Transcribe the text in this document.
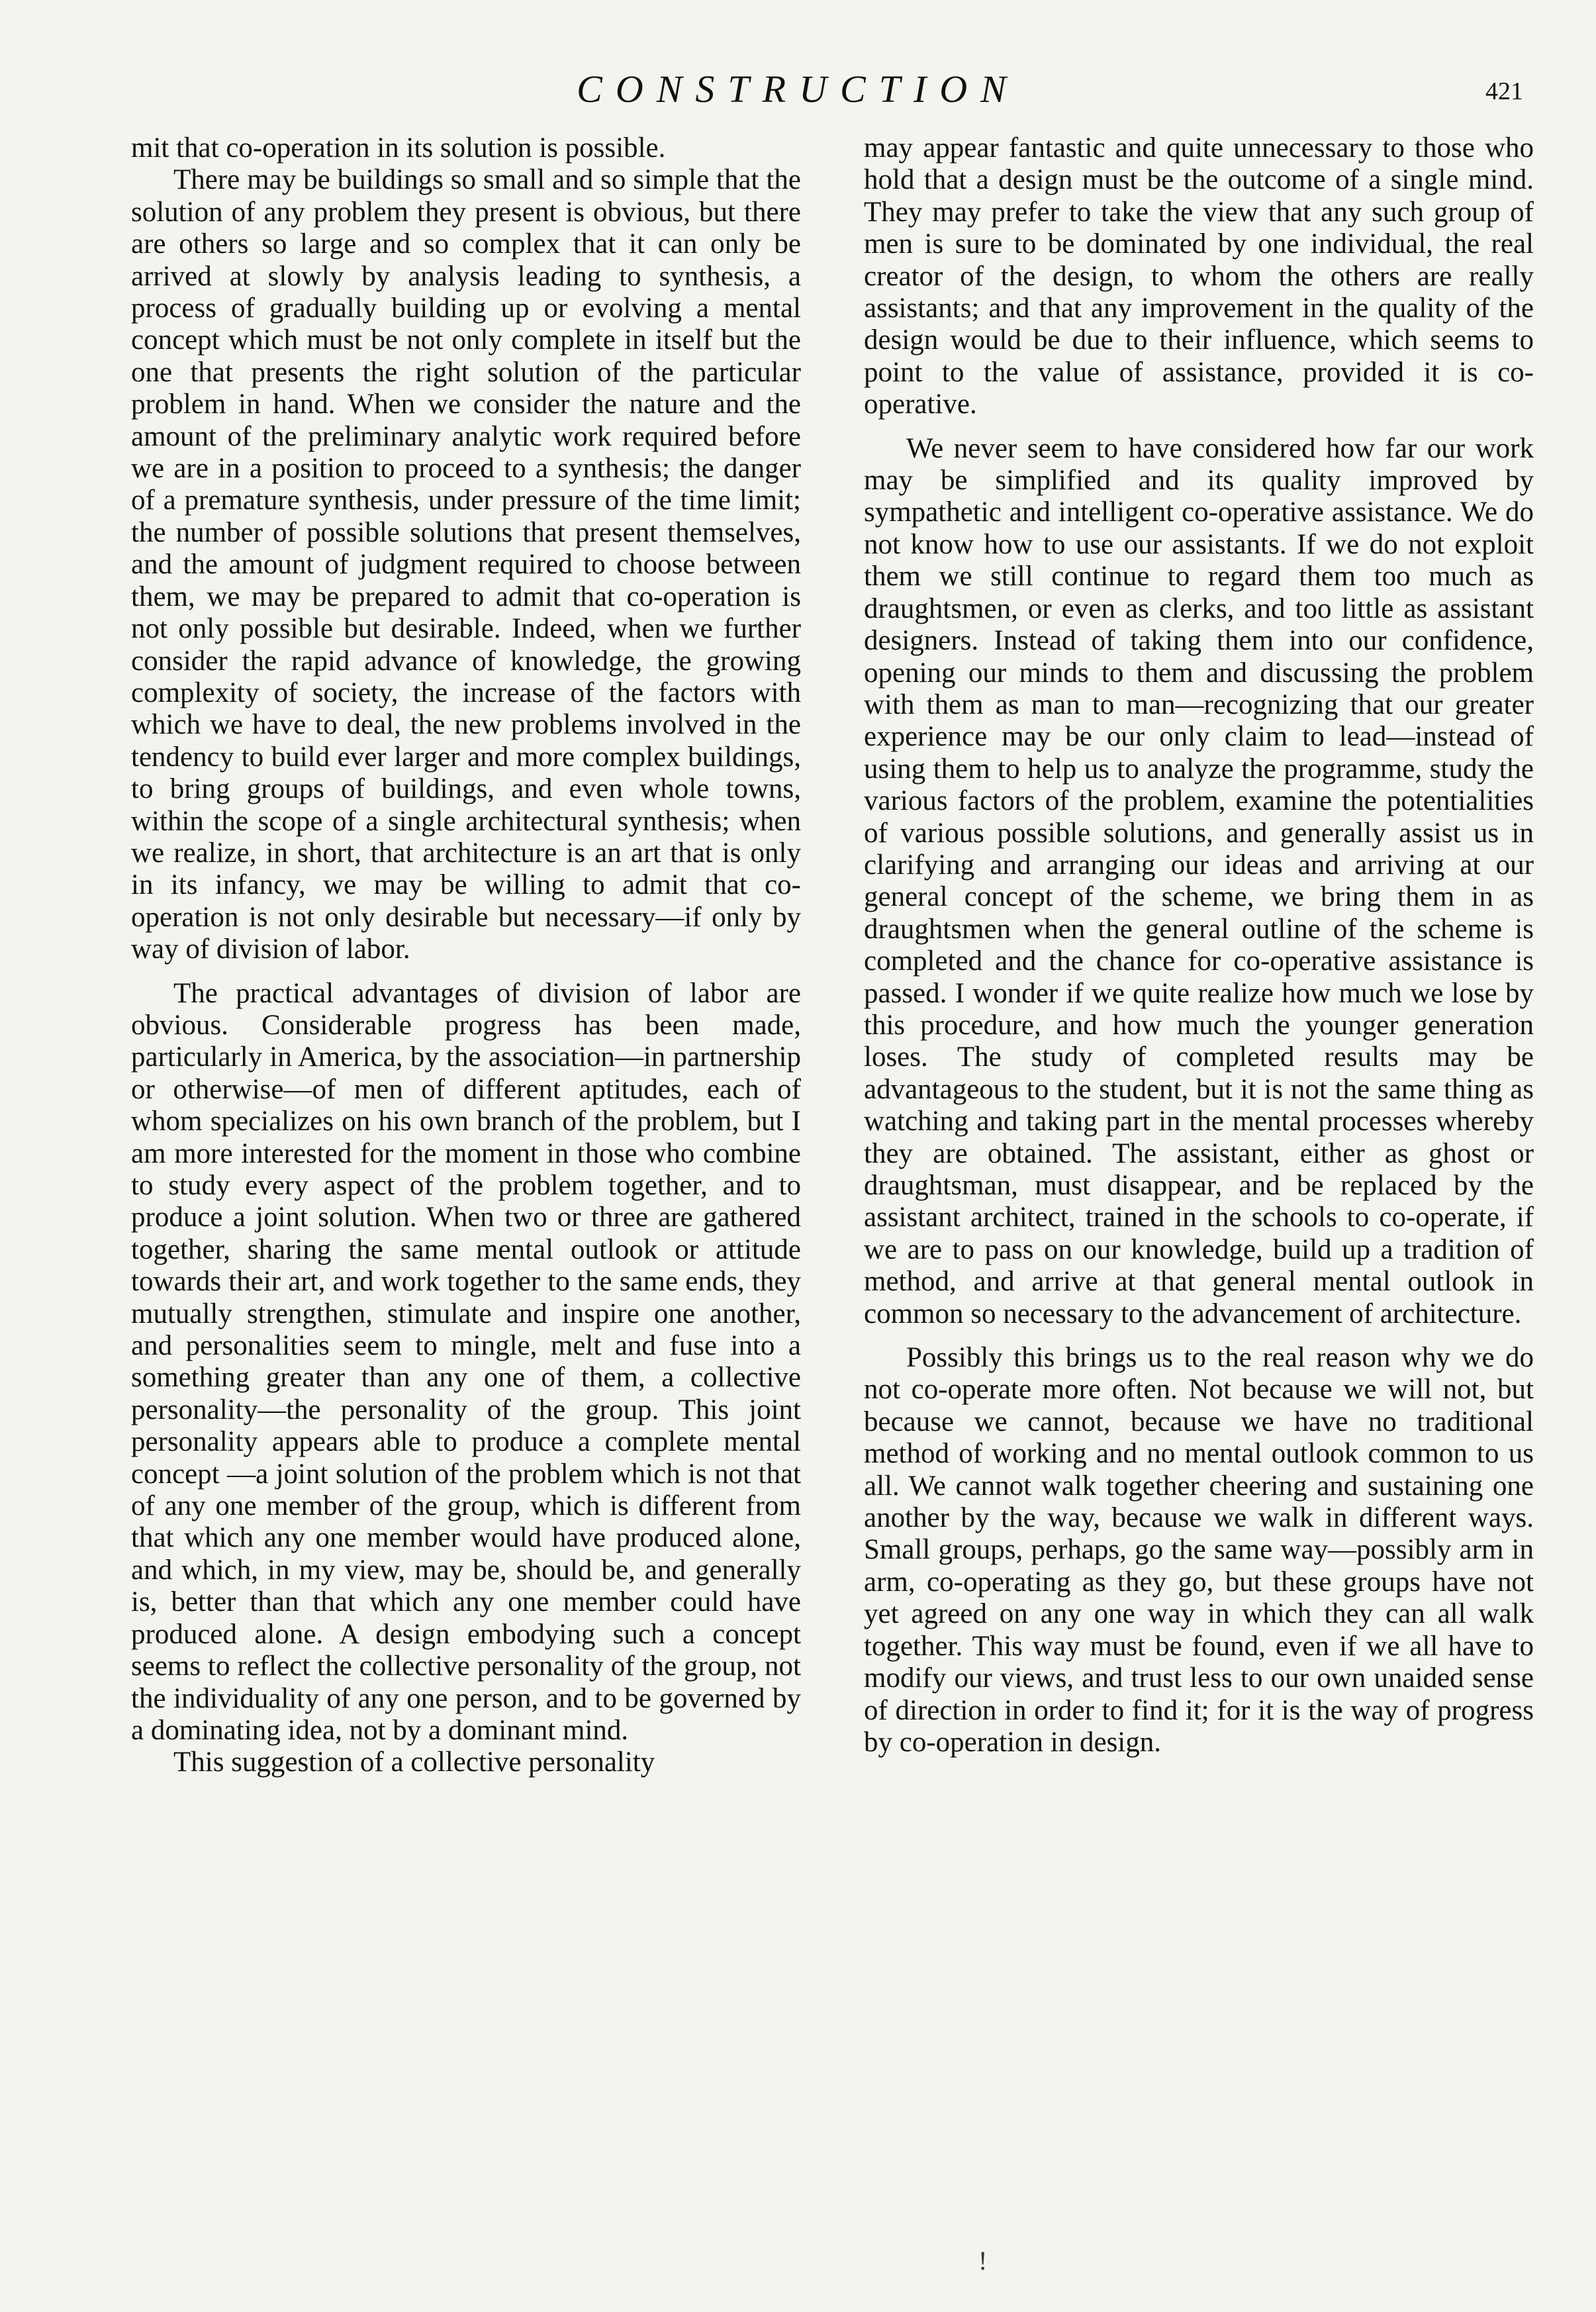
CONSTRUCTION	421

mit that co-operation in its solution is possible.

There may be buildings so small and so simple that the solution of any problem they present is obvious, but there are others so large and so complex that it can only be arrived at slowly by analysis leading to synthesis, a process of gradually building up or evolving a mental concept which must be not only complete in itself but the one that presents the right solution of the particular problem in hand. When we consider the nature and the amount of the preliminary analytic work required before we are in a position to proceed to a synthesis; the danger of a premature synthesis, under pressure of the time limit; the number of possible solutions that present themselves, and the amount of judgment required to choose between them, we may be prepared to admit that co-operation is not only possible but desirable. Indeed, when we further consider the rapid advance of knowledge, the growing complexity of society, the increase of the factors with which we have to deal, the new problems involved in the tendency to build ever larger and more complex buildings, to bring groups of buildings, and even whole towns, within the scope of a single architectural synthesis; when we realize, in short, that architecture is an art that is only in its infancy, we may be willing to admit that co-operation is not only desirable but necessary—if only by way of division of labor.

The practical advantages of division of labor are obvious. Considerable progress has been made, particularly in America, by the association—in partnership or otherwise—of men of different aptitudes, each of whom specializes on his own branch of the problem, but I am more interested for the moment in those who combine to study every aspect of the problem together, and to produce a joint solution. When two or three are gathered together, sharing the same mental outlook or attitude towards their art, and work together to the same ends, they mutually strengthen, stimulate and inspire one another, and personalities seem to mingle, melt and fuse into a something greater than any one of them, a collective personality—the personality of the group. This joint personality appears able to produce a complete mental concept —a joint solution of the problem which is not that of any one member of the group, which is different from that which any one member would have produced alone, and which, in my view, may be, should be, and generally is, better than that which any one member could have produced alone. A design embodying such a concept seems to reflect the collective personality of the group, not the individuality of any one person, and to be governed by a dominating idea, not by a dominant mind.

This suggestion of a collective personality

may appear fantastic and quite unnecessary to those who hold that a design must be the outcome of a single mind. They may prefer to take the view that any such group of men is sure to be dominated by one individual, the real creator of the design, to whom the others are really assistants; and that any improvement in the quality of the design would be due to their influence, which seems to point to the value of assistance, provided it is co-operative.

We never seem to have considered how far our work may be simplified and its quality improved by sympathetic and intelligent co-operative assistance. We do not know how to use our assistants. If we do not exploit them we still continue to regard them too much as draughtsmen, or even as clerks, and too little as assistant designers. Instead of taking them into our confidence, opening our minds to them and discussing the problem with them as man to man—recognizing that our greater experience may be our only claim to lead—instead of using them to help us to analyze the programme, study the various factors of the problem, examine the potentialities of various possible solutions, and generally assist us in clarifying and arranging our ideas and arriving at our general concept of the scheme, we bring them in as draughtsmen when the general outline of the scheme is completed and the chance for co-operative assistance is passed. I wonder if we quite realize how much we lose by this procedure, and how much the younger generation loses. The study of completed results may be advantageous to the student, but it is not the same thing as watching and taking part in the mental processes whereby they are obtained. The assistant, either as ghost or draughtsman, must disappear, and be replaced by the assistant architect, trained in the schools to co-operate, if we are to pass on our knowledge, build up a tradition of method, and arrive at that general mental outlook in common so necessary to the advancement of architecture.

Possibly this brings us to the real reason why we do not co-operate more often. Not because we will not, but because we cannot, because we have no traditional method of working and no mental outlook common to us all. We cannot walk together cheering and sustaining one another by the way, because we walk in different ways. Small groups, perhaps, go the same way—possibly arm in arm, co-operating as they go, but these groups have not yet agreed on any one way in which they can all walk together. This way must be found, even if we all have to modify our views, and trust less to our own unaided sense of direction in order to find it; for it is the way of progress by co-operation in design.

!
